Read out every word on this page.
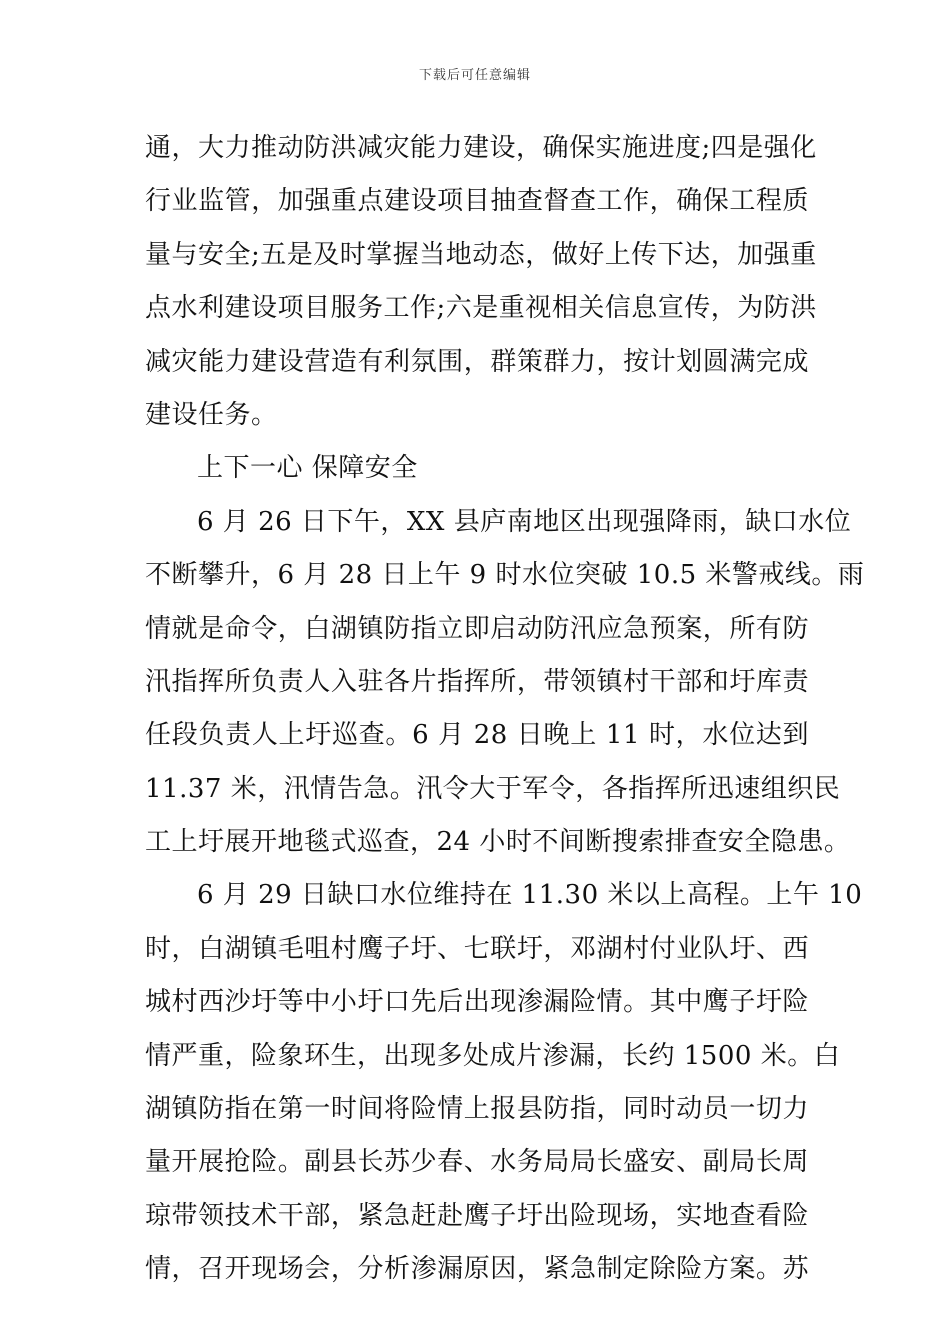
下载后可任意编辑
通，大力推动防洪减灾能力建设，确保实施进度;四是强化
行业监管，加强重点建设项目抽查督查工作，确保工程质
量与安全;五是及时掌握当地动态，做好上传下达，加强重
点水利建设项目服务工作;六是重视相关信息宣传，为防洪
减灾能力建设营造有利氛围，群策群力，按计划圆满完成
建设任务。
上下一心 保障安全
6 月 26 日下午，XX 县庐南地区出现强降雨，缺口水位
不断攀升，6 月 28 日上午 9 时水位突破 10.5 米警戒线。雨
情就是命令，白湖镇防指立即启动防汛应急预案，所有防
汛指挥所负责人入驻各片指挥所，带领镇村干部和圩库责
任段负责人上圩巡查。6 月 28 日晚上 11 时，水位达到
11.37 米，汛情告急。汛令大于军令，各指挥所迅速组织民
工上圩展开地毯式巡查，24 小时不间断搜索排查安全隐患。
6 月 29 日缺口水位维持在 11.30 米以上高程。上午 10
时，白湖镇毛咀村鹰子圩、七联圩，邓湖村付业队圩、西
城村西沙圩等中小圩口先后出现渗漏险情。其中鹰子圩险
情严重，险象环生，出现多处成片渗漏，长约 1500 米。白
湖镇防指在第一时间将险情上报县防指，同时动员一切力
量开展抢险。副县长苏少春、水务局局长盛安、副局长周
琼带领技术干部，紧急赶赴鹰子圩出险现场，实地查看险
情，召开现场会，分析渗漏原因，紧急制定除险方案。苏
